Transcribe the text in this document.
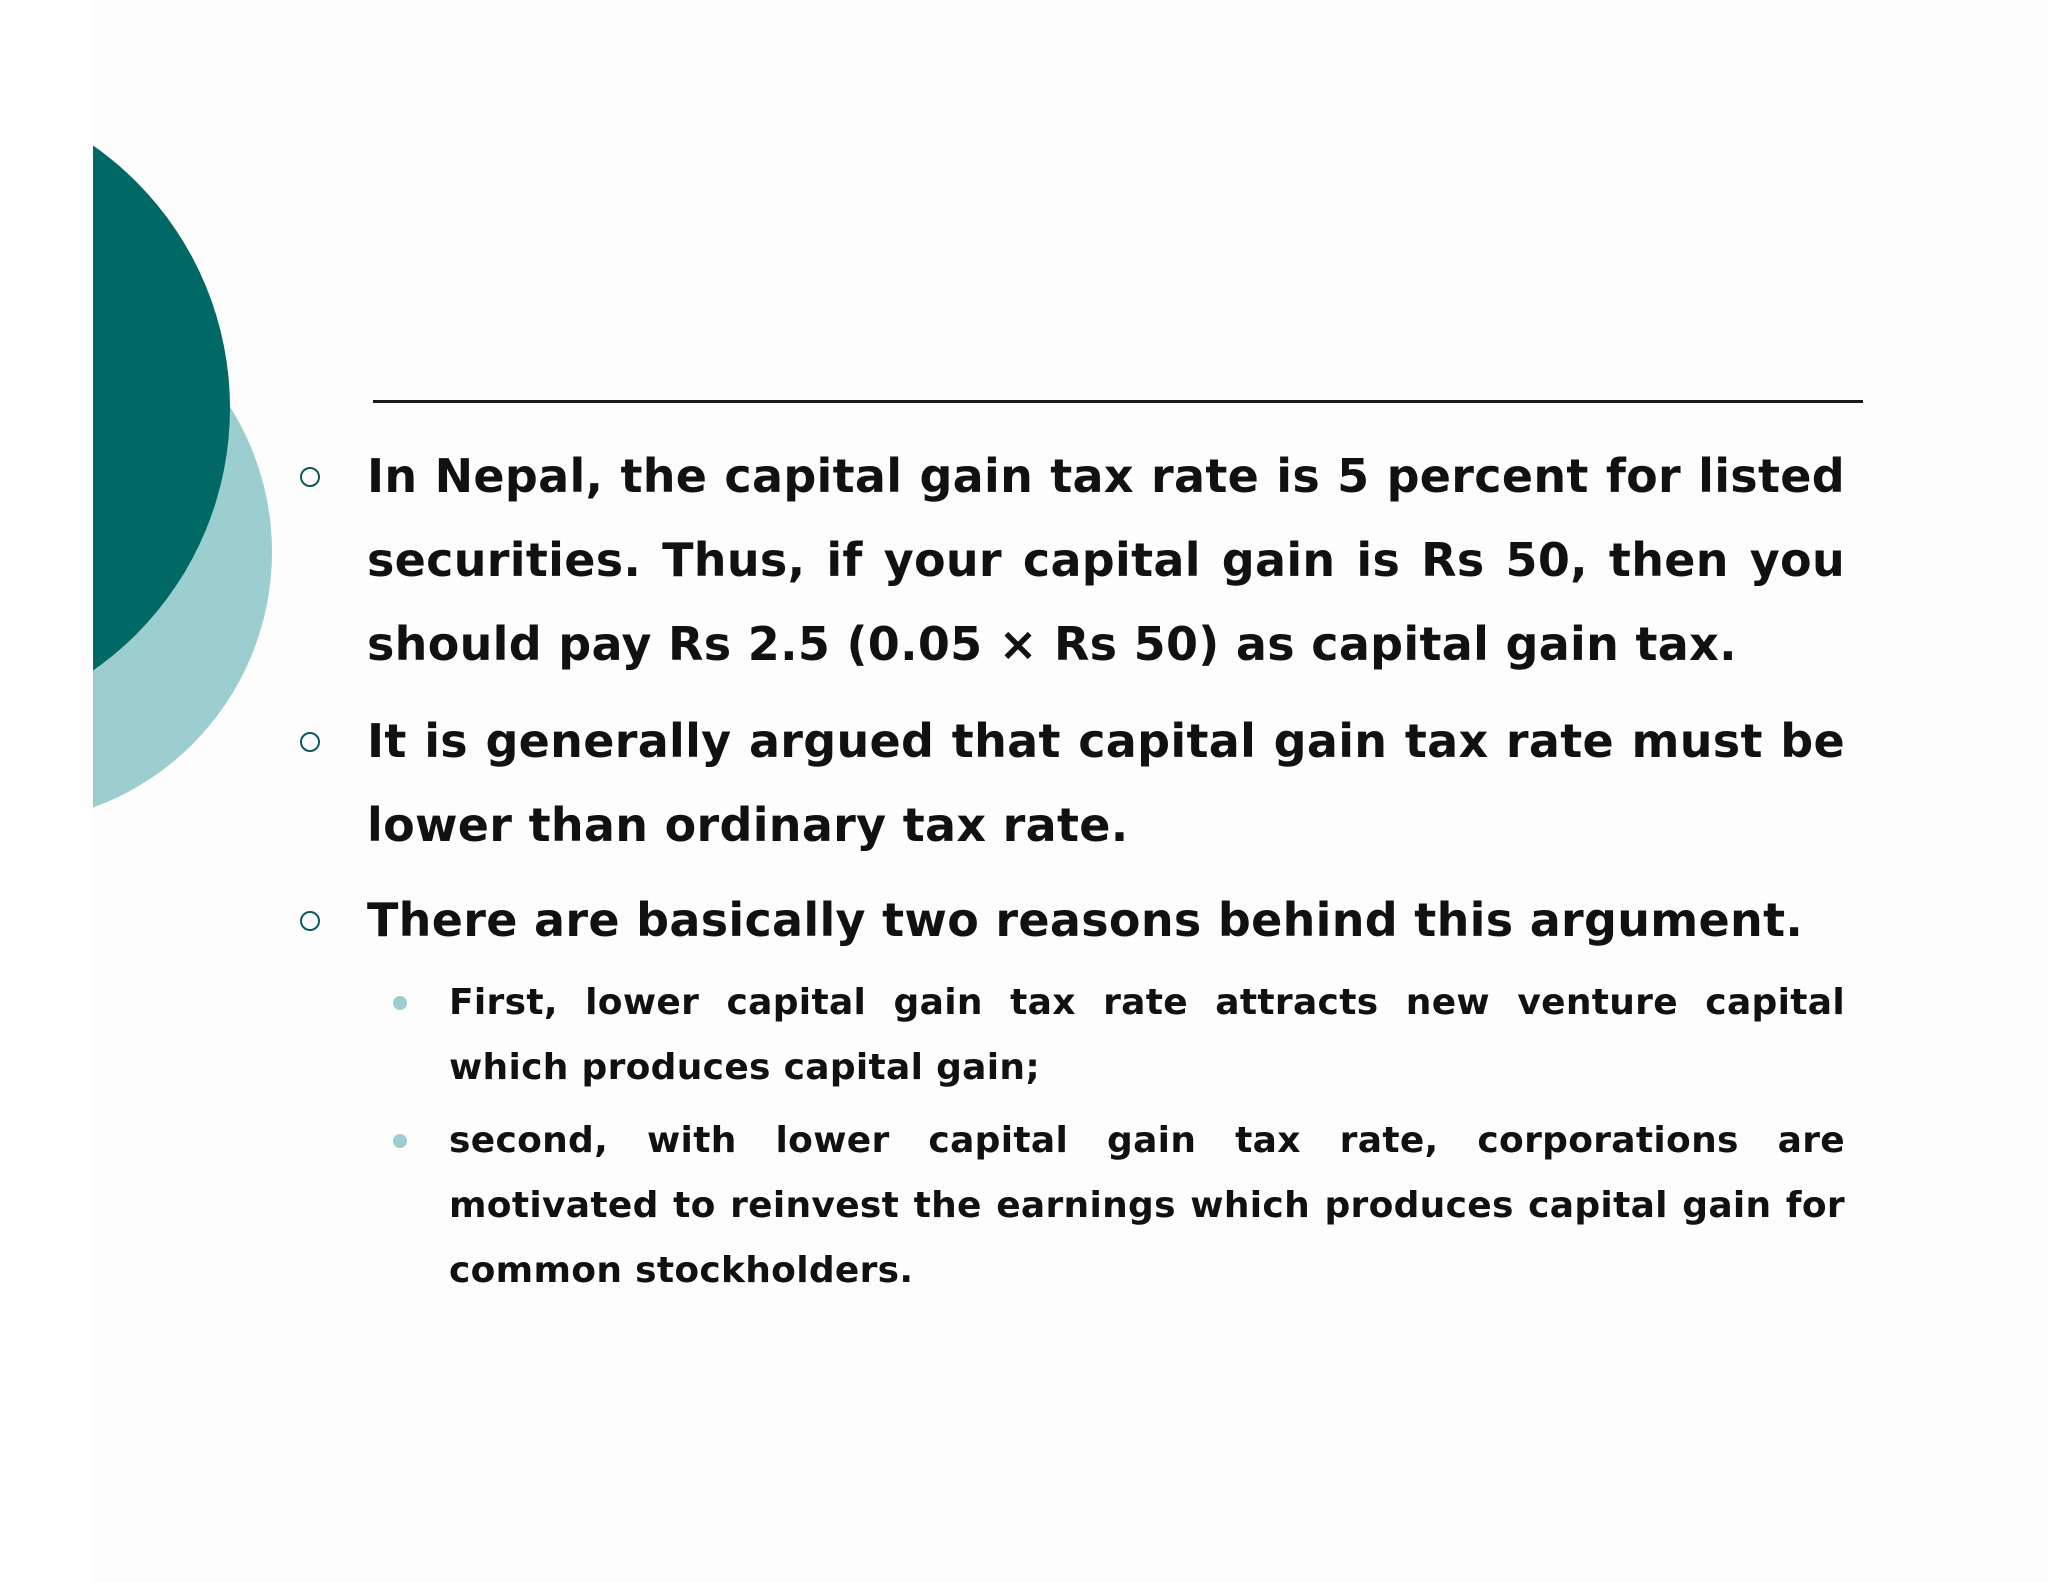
In Nepal, the capital gain tax rate is 5 percent for listed securities. Thus, if your capital gain is Rs 50, then you should pay Rs 2.5 (0.05 × Rs 50) as capital gain tax.

It is generally argued that capital gain tax rate must be lower than ordinary tax rate.

There are basically two reasons behind this argument.

First, lower capital gain tax rate attracts new venture capital which produces capital gain;

second, with lower capital gain tax rate, corporations are motivated to reinvest the earnings which produces capital gain for common stockholders.
